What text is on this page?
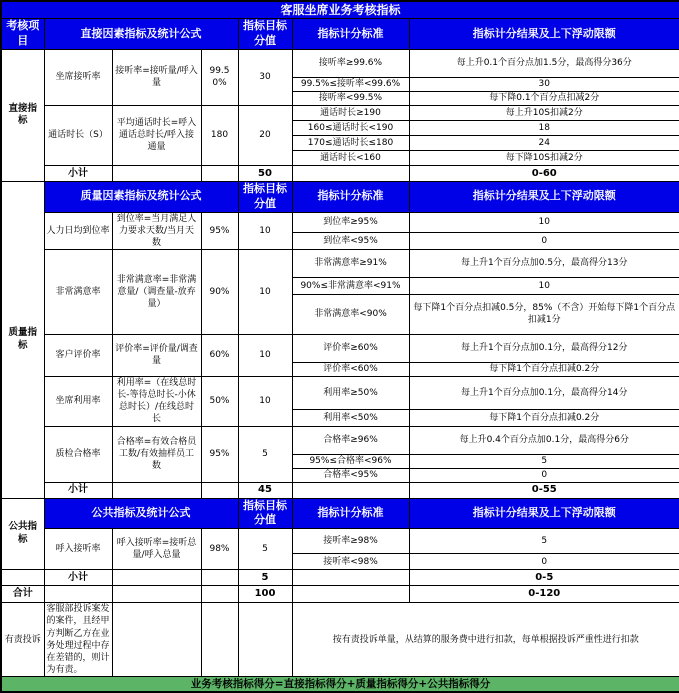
客服坐席业务考核指标						
考核项目	直接因素指标及统计公式			指标目标分值	指标计分标准	指标计分结果及上下浮动限额
直接指标	坐席接听率	接听率=接听量/呼入量	99.50%	30	接听率≥99.6%	每上升0.1个百分点加1.5分，最高得分36分
					99.5%≤接听率<99.6%	30
					接听率<99.5%	每下降0.1个百分点扣减2分
	通话时长（S）	平均通话时长=呼入通话总时长/呼入接通量	180	20	通话时长≥190	每上升10S扣减2分
					160≤通话时长<190	18
					170≤通话时长≤180	24
					通话时长<160	每下降10S扣减2分
	小计			50		0-60
质量指标	质量因素指标及统计公式			指标目标分值	指标计分标准	指标计分结果及上下浮动限额
	人力日均到位率	到位率=当月满足人力要求天数/当月天数	95%	10	到位率≥95%	10
					到位率<95%	0
	非常满意率	非常满意率=非常满意量/（调查量-放弃量）	90%	10	非常满意率≥91%	每上升1个百分点加0.5分，最高得分13分
					90%≤非常满意率<91%	10
					非常满意率<90%	每下降1个百分点扣减0.5分，85%（不含）开始每下降1个百分点扣减1分
	客户评价率	评价率=评价量/调查量	60%	10	评价率≥60%	每上升1个百分点加0.1分，最高得分12分
					评价率<60%	每下降1个百分点扣减0.2分
	坐席利用率	利用率=（在线总时长-等待总时长-小休总时长）/在线总时长	50%	10	利用率≥50%	每上升1个百分点加0.1分，最高得分14分
					利用率<50%	每下降1个百分点扣减0.2分
	质检合格率	合格率=有效合格员工数/有效抽样员工数	95%	5	合格率≥96%	每上升0.4个百分点加0.1分，最高得分6分
					95%≤合格率<96%	5
					合格率<95%	0
	小计			45		0-55
公共指标	公共指标及统计公式			指标目标分值	指标计分标准	指标计分结果及上下浮动限额
	呼入接听率	呼入接听率=接听总量/呼入总量	98%	5	接听率≥98%	5
					接听率<98%	0
	小计			5		0-5
合计				100		0-120
有责投诉	客服部投诉案发的案件，且经甲方判断乙方在业务处理过程中存在差错的，则计为有责。				按有责投诉单量，从结算的服务费中进行扣款，每单根据投诉严重性进行扣款	
业务考核指标得分=直接指标得分+质量指标得分+公共指标得分						
